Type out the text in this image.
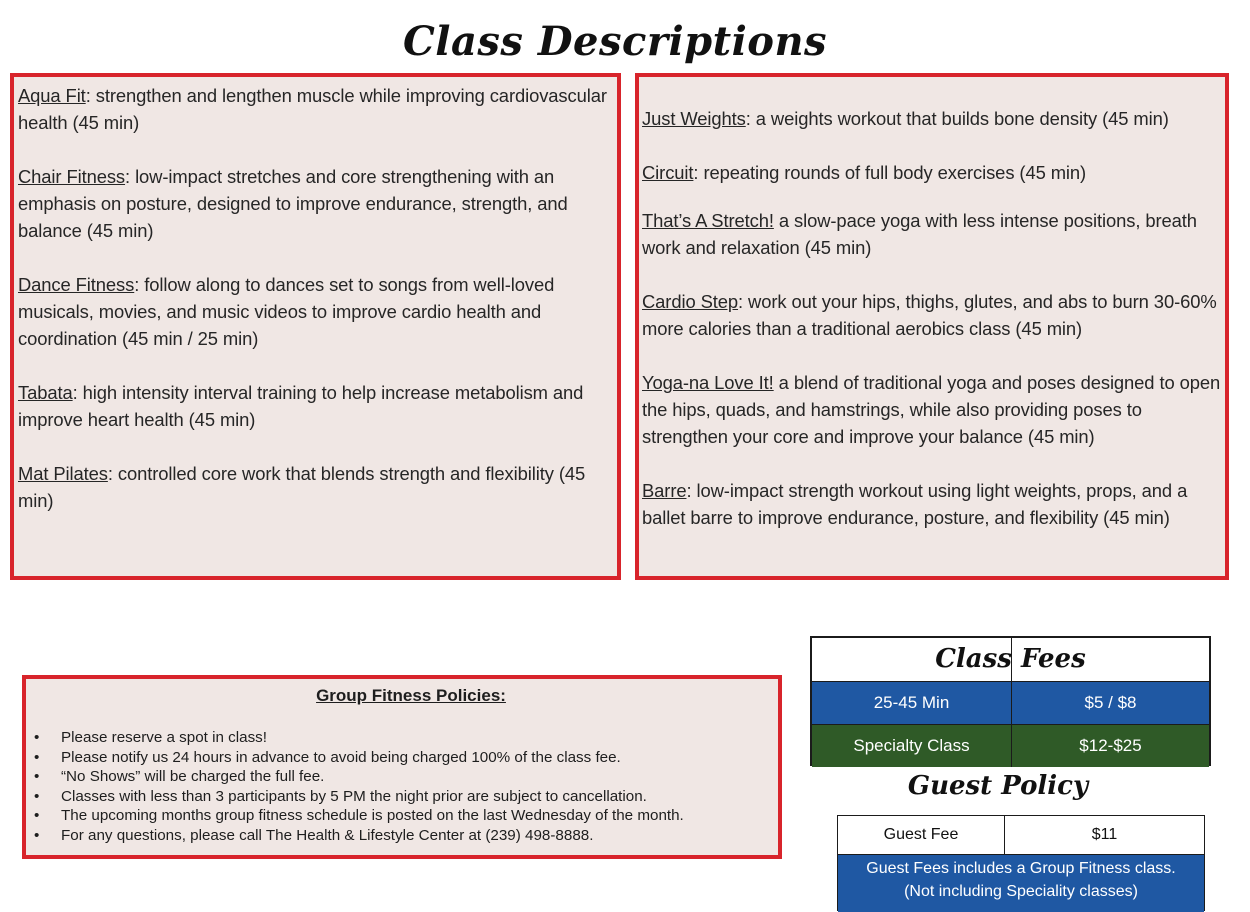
Class Descriptions

Aqua Fit: strengthen and lengthen muscle while improving cardiovascular health (45 min)

Chair Fitness: low-impact stretches and core strengthening with an emphasis on posture, designed to improve endurance, strength, and balance (45 min)

Dance Fitness: follow along to dances set to songs from well-loved musicals, movies, and music videos to improve cardio health and coordination (45 min / 25 min)

Tabata: high intensity interval training to help increase metabolism and improve heart health (45 min)

Mat Pilates: controlled core work that blends strength and flexibility (45 min)

Just Weights: a weights workout that builds bone density (45 min)

Circuit: repeating rounds of full body exercises (45 min)

That’s A Stretch! a slow-pace yoga with less intense positions, breath work and relaxation (45 min)

Cardio Step: work out your hips, thighs, glutes, and abs to burn 30-60% more calories than a traditional aerobics class (45 min)

Yoga-na Love It! a blend of traditional yoga and poses designed to open the hips, quads, and hamstrings, while also providing poses to strengthen your core and improve your balance (45 min)

Barre: low-impact strength workout using light weights, props, and a ballet barre to improve endurance, posture, and flexibility (45 min)

Group Fitness Policies:
• Please reserve a spot in class!
• Please notify us 24 hours in advance to avoid being charged 100% of the class fee.
• “No Shows” will be charged the full fee.
• Classes with less than 3 participants by 5 PM the night prior are subject to cancellation.
• The upcoming months group fitness schedule is posted on the last Wednesday of the month.
• For any questions, please call The Health & Lifestyle Center at (239) 498-8888.
Class Fees
25-45 Min	$5 / $8
Specialty Class	$12-$25
Guest Policy
Guest Fee	$11
Guest Fees includes a Group Fitness class.
(Not including Speciality classes)
